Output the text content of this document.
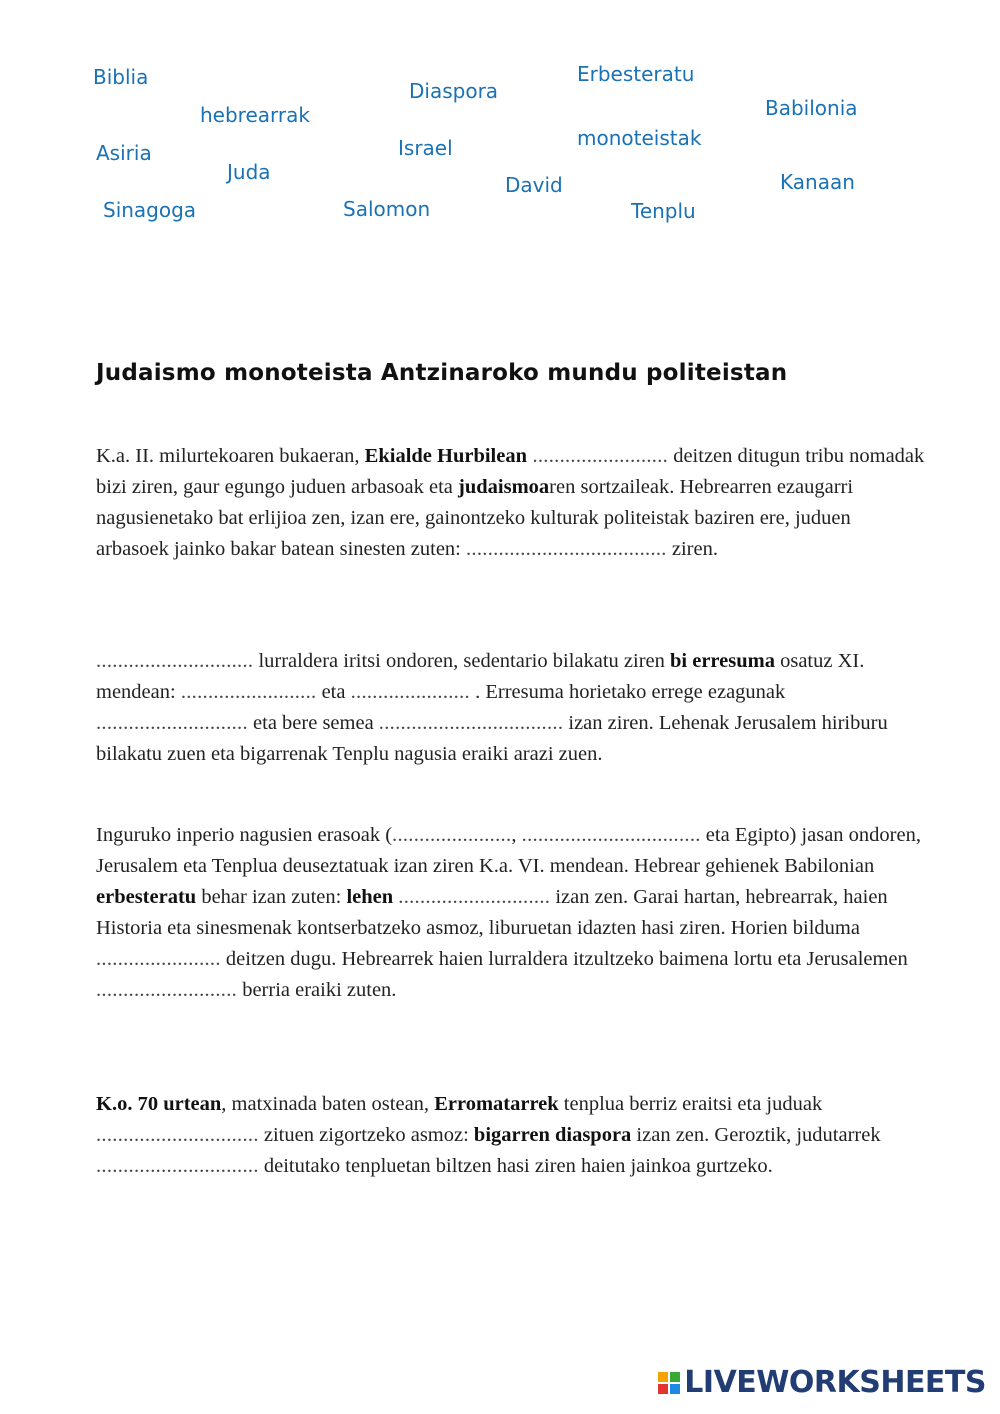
Biblia
hebrearrak
Asiria
Juda
Sinagoga
Diaspora
Israel
Salomon
Erbesteratu
monoteistak
David
Tenplu
Babilonia
Kanaan
Judaismo monoteista Antzinaroko mundu politeistan
K.a. II. milurtekoaren bukaeran, Ekialde Hurbilean ......................... deitzen ditugun tribu nomadak bizi ziren, gaur egungo juduen arbasoak eta judaismoaren sortzaileak. Hebrearren ezaugarri nagusienetako bat erlijioa zen, izan ere, gainontzeko kulturak politeistak baziren ere, juduen arbasoek jainko bakar batean sinesten zuten: ..................................... ziren.
............................. lurraldera iritsi ondoren, sedentario bilakatu ziren bi erresuma osatuz XI. mendean: ......................... eta ...................... . Erresuma horietako errege ezagunak ............................ eta bere semea .................................. izan ziren. Lehenak Jerusalem hiriburu bilakatu zuen eta bigarrenak Tenplu nagusia eraiki arazi zuen.
Inguruko inperio nagusien erasoak (......................, ................................. eta Egipto) jasan ondoren, Jerusalem eta Tenplua deuseztatuak izan ziren K.a. VI. mendean. Hebrear gehienek Babilonian erbesteratu behar izan zuten: lehen ............................ izan zen. Garai hartan, hebrearrak, haien Historia eta sinesmenak kontserbatzeko asmoz, liburuetan idazten hasi ziren. Horien bilduma ....................... deitzen dugu. Hebrearrek haien lurraldera itzultzeko baimena lortu eta Jerusalemen .......................... berria eraiki zuten.
K.o. 70 urtean, matxinada baten ostean, Erromatarrek tenplua berriz eraitsi eta juduak .............................. zituen zigortzeko asmoz: bigarren diaspora izan zen. Geroztik, judutarrek .............................. deitutako tenpluetan biltzen hasi ziren haien jainkoa gurtzeko.
LIVEWORKSHEETS
